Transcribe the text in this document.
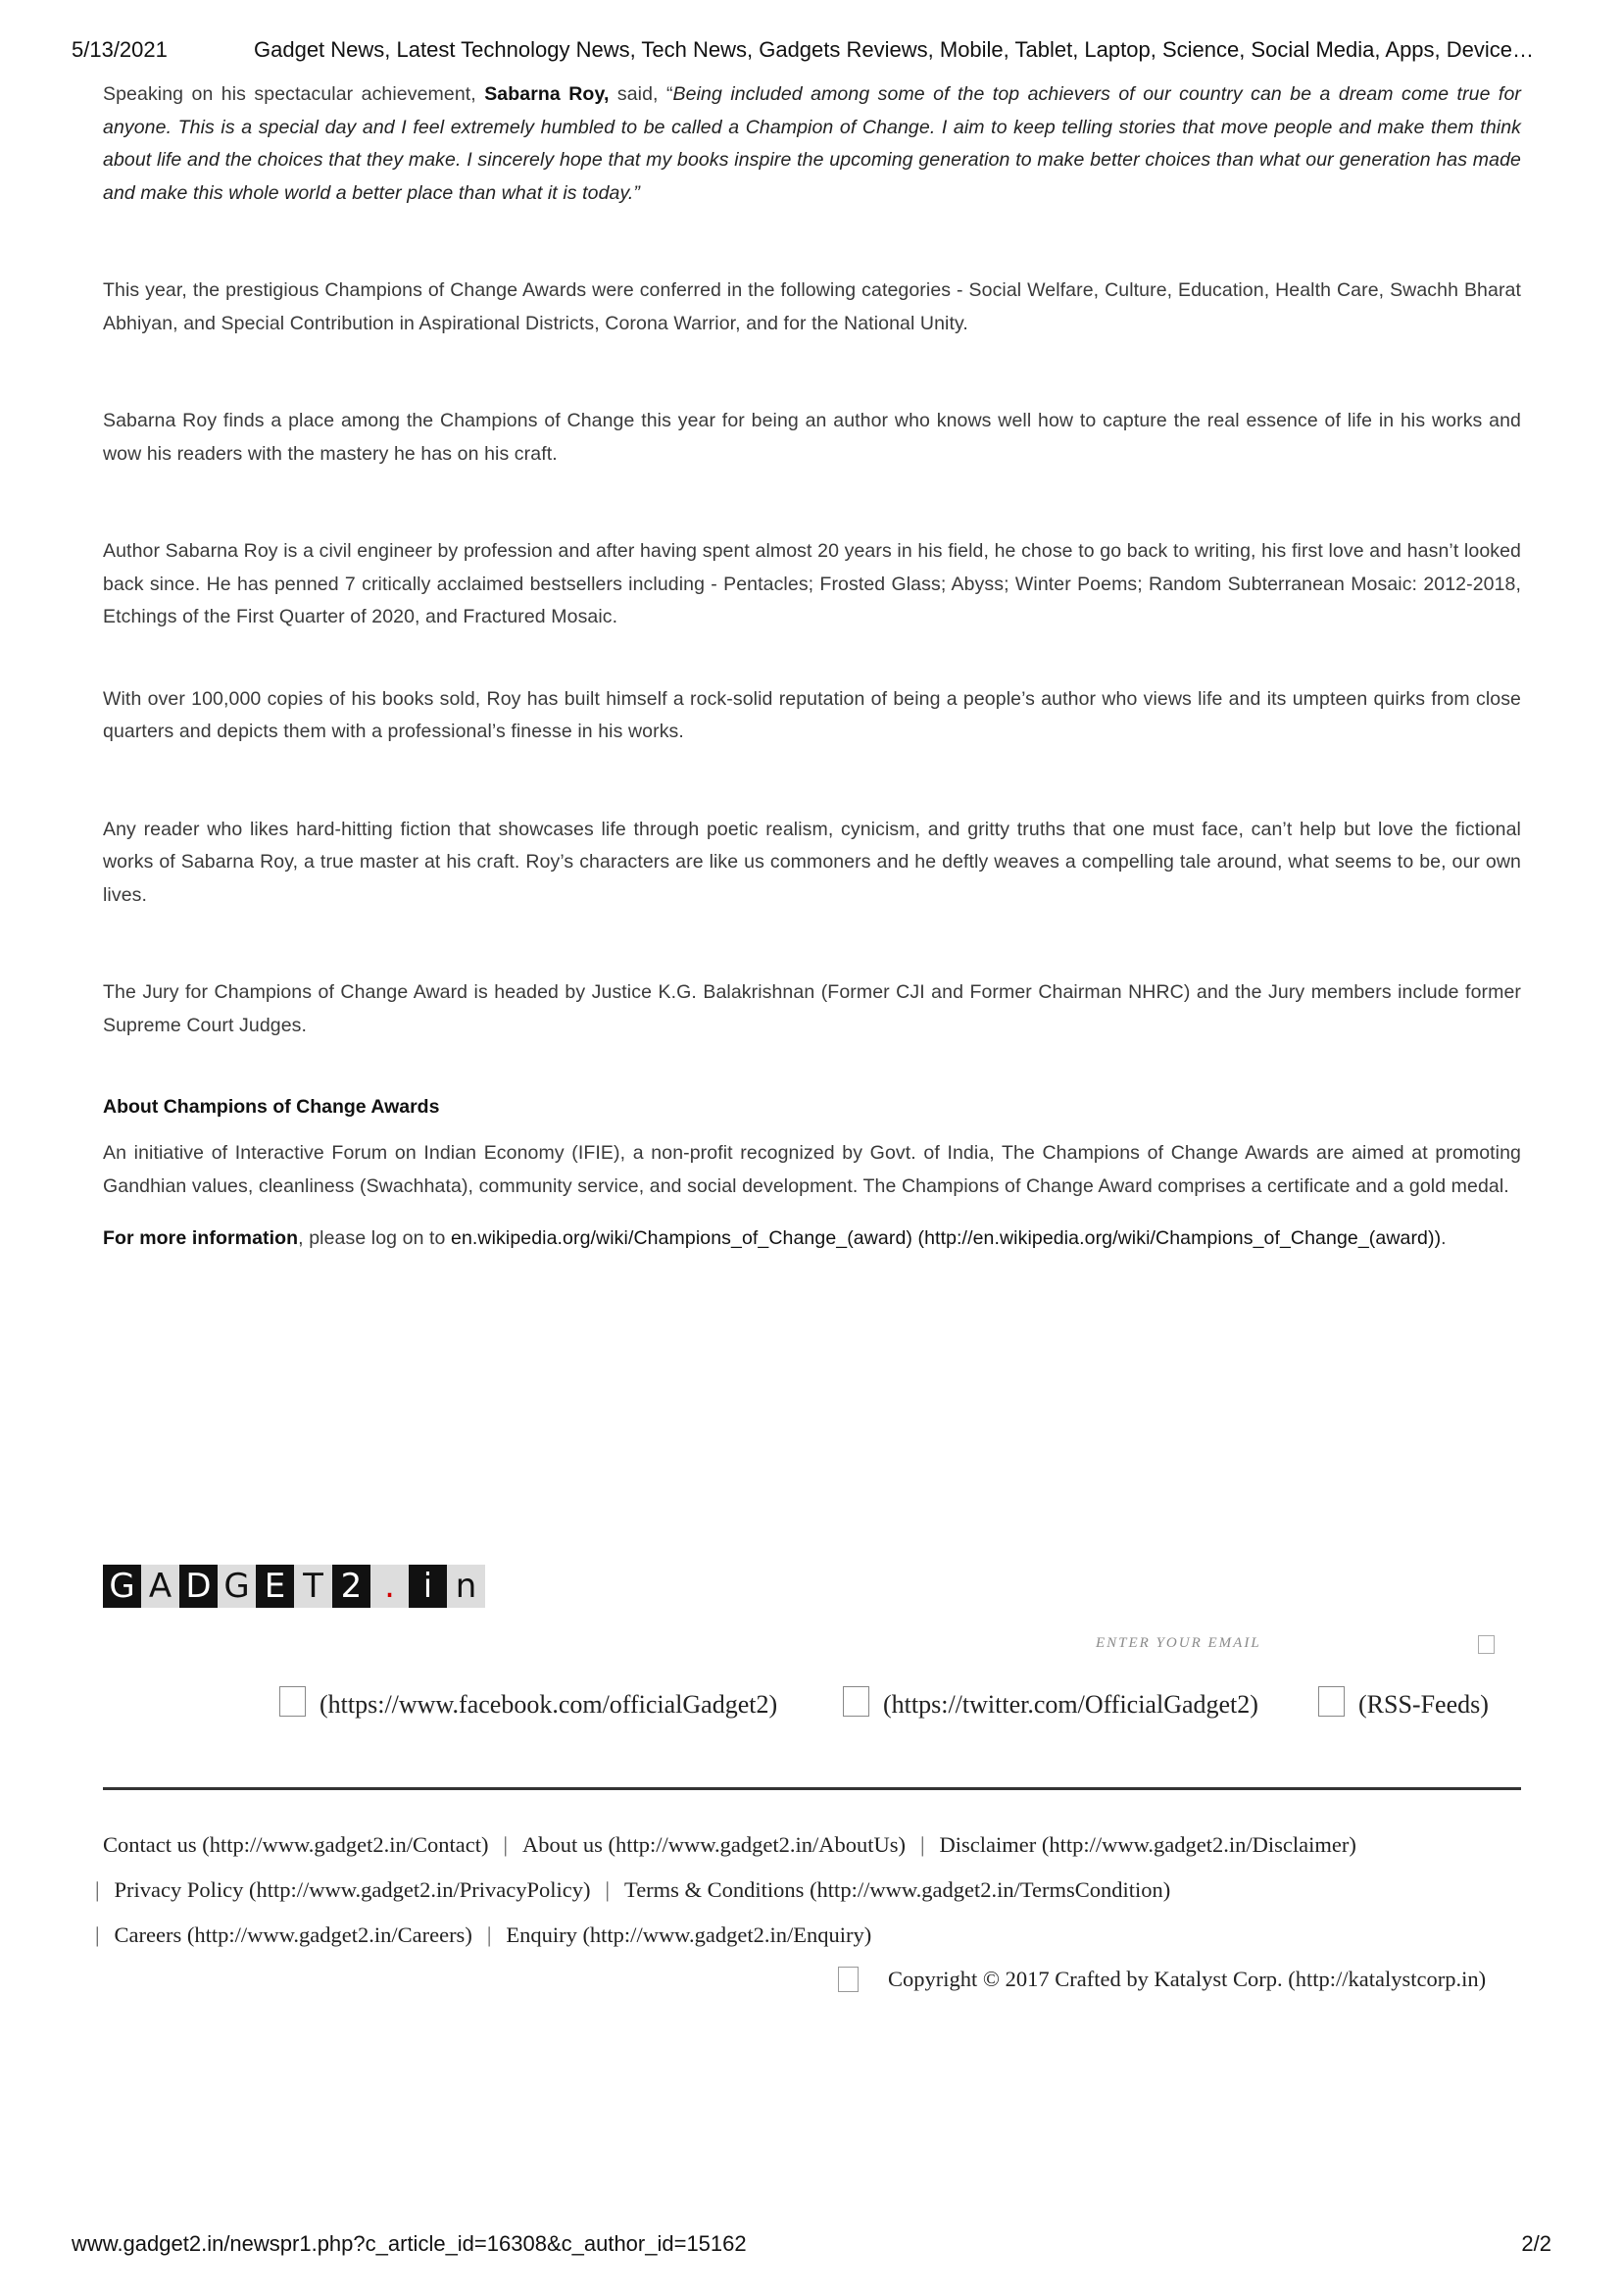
5/13/2021	Gadget News, Latest Technology News, Tech News, Gadgets Reviews, Mobile, Tablet, Laptop, Science, Social Media, Apps, Device…

Speaking on his spectacular achievement, Sabarna Roy, said, “Being included among some of the top achievers of our country can be a dream come true for anyone. This is a special day and I feel extremely humbled to be called a Champion of Change. I aim to keep telling stories that move people and make them think about life and the choices that they make. I sincerely hope that my books inspire the upcoming generation to make better choices than what our generation has made and make this whole world a better place than what it is today.”

This year, the prestigious Champions of Change Awards were conferred in the following categories - Social Welfare, Culture, Education, Health Care, Swachh Bharat Abhiyan, and Special Contribution in Aspirational Districts, Corona Warrior, and for the National Unity.

Sabarna Roy finds a place among the Champions of Change this year for being an author who knows well how to capture the real essence of life in his works and wow his readers with the mastery he has on his craft.

Author Sabarna Roy is a civil engineer by profession and after having spent almost 20 years in his field, he chose to go back to writing, his first love and hasn’t looked back since. He has penned 7 critically acclaimed bestsellers including - Pentacles; Frosted Glass; Abyss; Winter Poems; Random Subterranean Mosaic: 2012-2018, Etchings of the First Quarter of 2020, and Fractured Mosaic.

With over 100,000 copies of his books sold, Roy has built himself a rock-solid reputation of being a people’s author who views life and its umpteen quirks from close quarters and depicts them with a professional’s finesse in his works.

Any reader who likes hard-hitting fiction that showcases life through poetic realism, cynicism, and gritty truths that one must face, can’t help but love the fictional works of Sabarna Roy, a true master at his craft. Roy’s characters are like us commoners and he deftly weaves a compelling tale around, what seems to be, our own lives.

The Jury for Champions of Change Award is headed by Justice K.G. Balakrishnan (Former CJI and Former Chairman NHRC) and the Jury members include former Supreme Court Judges.

About Champions of Change Awards

An initiative of Interactive Forum on Indian Economy (IFIE), a non-profit recognized by Govt. of India, The Champions of Change Awards are aimed at promoting Gandhian values, cleanliness (Swachhata), community service, and social development. The Champions of Change Award comprises a certificate and a gold medal.

For more information, please log on to en.wikipedia.org/wiki/Champions_of_Change_(award) (http://en.wikipedia.org/wiki/Champions_of_Change_(award)).

G A D G E T 2 . i n
ENTER YOUR EMAIL
(https://www.facebook.com/officialGadget2)	(https://twitter.com/OfficialGadget2)	(RSS-Feeds)
Contact us (http://www.gadget2.in/Contact) | About us (http://www.gadget2.in/AboutUs) | Disclaimer (http://www.gadget2.in/Disclaimer)
| Privacy Policy (http://www.gadget2.in/PrivacyPolicy) | Terms & Conditions (http://www.gadget2.in/TermsCondition)
| Careers (http://www.gadget2.in/Careers) | Enquiry (http://www.gadget2.in/Enquiry)
Copyright © 2017 Crafted by Katalyst Corp. (http://katalystcorp.in)
www.gadget2.in/newspr1.php?c_article_id=16308&c_author_id=15162	2/2
